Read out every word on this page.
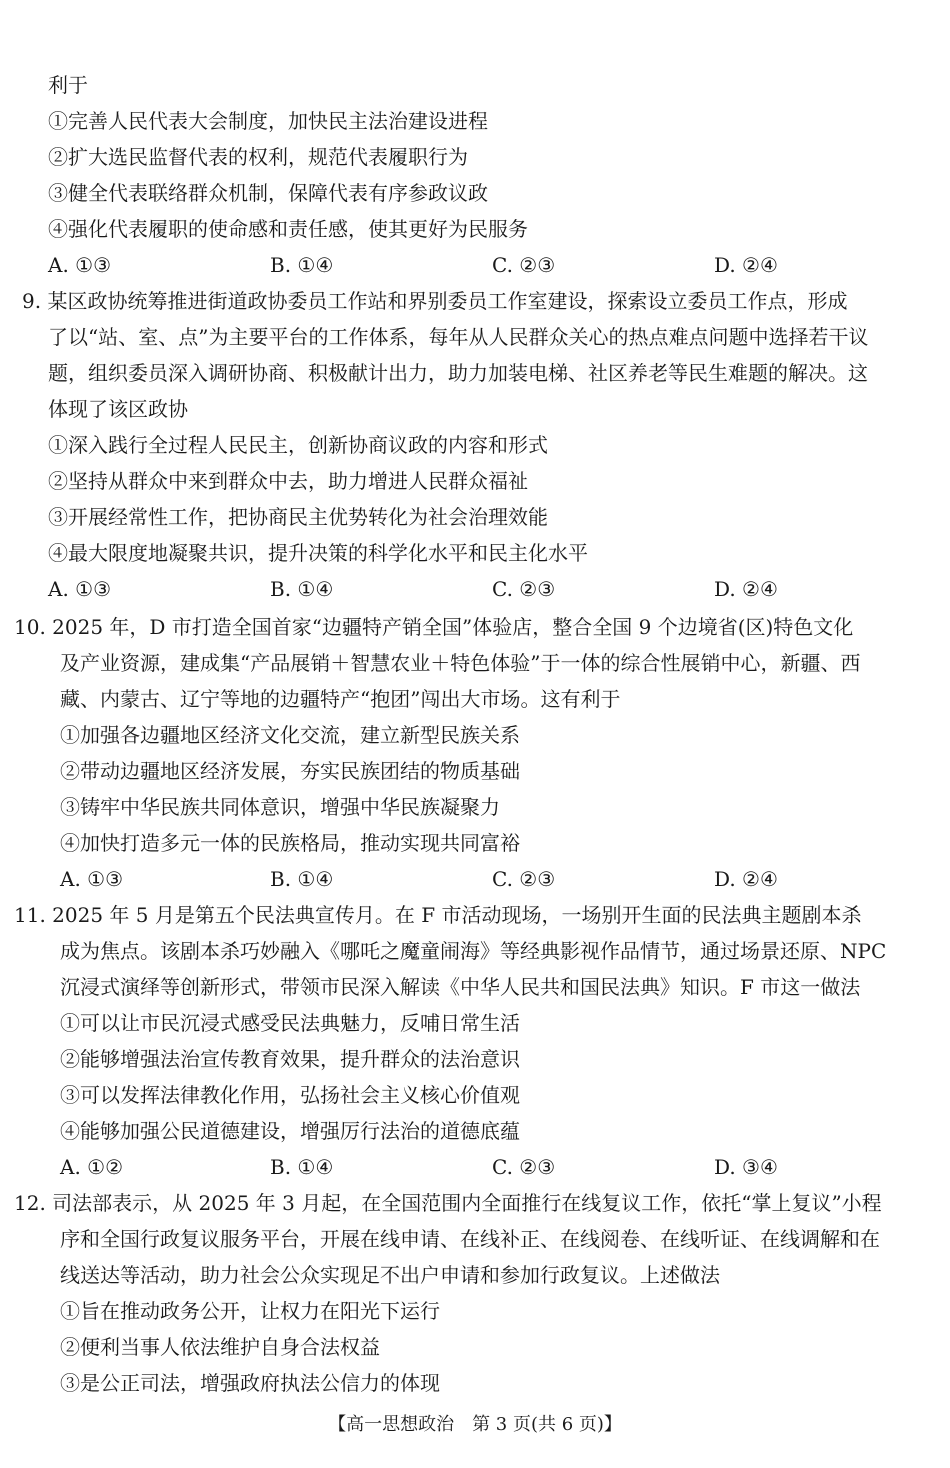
利于
①完善人民代表大会制度，加快民主法治建设进程
②扩大选民监督代表的权利，规范代表履职行为
③健全代表联络群众机制，保障代表有序参政议政
④强化代表履职的使命感和责任感，使其更好为民服务
A. ①③	B. ①④	C. ②③	D. ②④
9. 某区政协统筹推进街道政协委员工作站和界别委员工作室建设，探索设立委员工作点，形成
了以“站、室、点”为主要平台的工作体系，每年从人民群众关心的热点难点问题中选择若干议
题，组织委员深入调研协商、积极献计出力，助力加装电梯、社区养老等民生难题的解决。这
体现了该区政协
①深入践行全过程人民民主，创新协商议政的内容和形式
②坚持从群众中来到群众中去，助力增进人民群众福祉
③开展经常性工作，把协商民主优势转化为社会治理效能
④最大限度地凝聚共识，提升决策的科学化水平和民主化水平
A. ①③	B. ①④	C. ②③	D. ②④
10. 2025 年，D 市打造全国首家“边疆特产销全国”体验店，整合全国 9 个边境省(区)特色文化
及产业资源，建成集“产品展销＋智慧农业＋特色体验”于一体的综合性展销中心，新疆、西
藏、内蒙古、辽宁等地的边疆特产“抱团”闯出大市场。这有利于
①加强各边疆地区经济文化交流，建立新型民族关系
②带动边疆地区经济发展，夯实民族团结的物质基础
③铸牢中华民族共同体意识，增强中华民族凝聚力
④加快打造多元一体的民族格局，推动实现共同富裕
A. ①③	B. ①④	C. ②③	D. ②④
11. 2025 年 5 月是第五个民法典宣传月。在 F 市活动现场，一场别开生面的民法典主题剧本杀
成为焦点。该剧本杀巧妙融入《哪吒之魔童闹海》等经典影视作品情节，通过场景还原、NPC
沉浸式演绎等创新形式，带领市民深入解读《中华人民共和国民法典》知识。F 市这一做法
①可以让市民沉浸式感受民法典魅力，反哺日常生活
②能够增强法治宣传教育效果，提升群众的法治意识
③可以发挥法律教化作用，弘扬社会主义核心价值观
④能够加强公民道德建设，增强厉行法治的道德底蕴
A. ①②	B. ①④	C. ②③	D. ③④
12. 司法部表示，从 2025 年 3 月起，在全国范围内全面推行在线复议工作，依托“掌上复议”小程
序和全国行政复议服务平台，开展在线申请、在线补正、在线阅卷、在线听证、在线调解和在
线送达等活动，助力社会公众实现足不出户申请和参加行政复议。上述做法
①旨在推动政务公开，让权力在阳光下运行
②便利当事人依法维护自身合法权益
③是公正司法，增强政府执法公信力的体现
【高一思想政治　第 3 页(共 6 页)】
